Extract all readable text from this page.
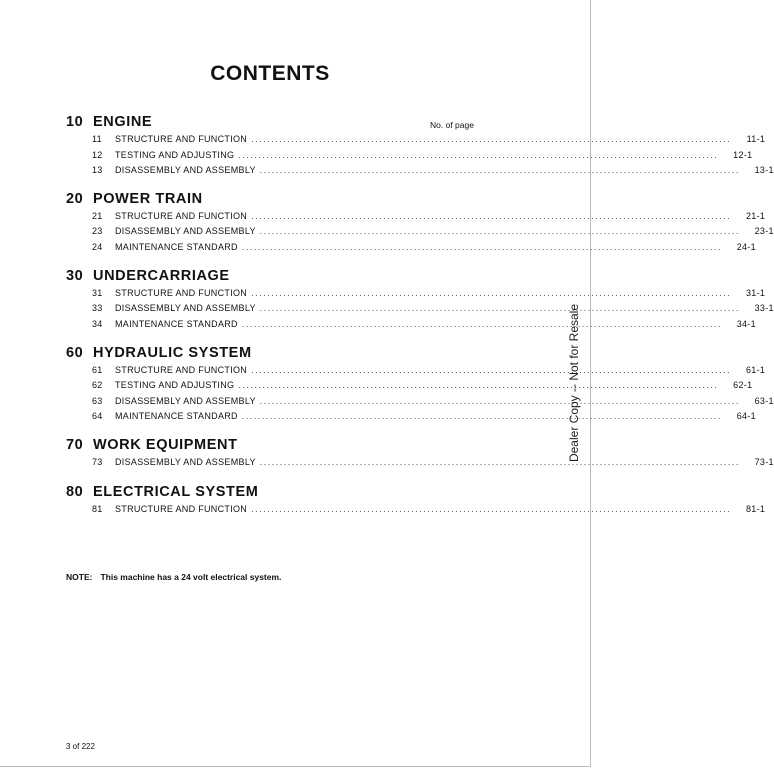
CONTENTS
No. of page
10 ENGINE
11	STRUCTURE AND FUNCTION ........................................................................................................................	11-1
12	TESTING AND ADJUSTING ........................................................................................................................	12-1
13	DISASSEMBLY AND ASSEMBLY ........................................................................................................................	13-1
20 POWER TRAIN
21	STRUCTURE AND FUNCTION ........................................................................................................................	21-1
23	DISASSEMBLY AND ASSEMBLY ........................................................................................................................	23-1
24	MAINTENANCE STANDARD ........................................................................................................................	24-1
30 UNDERCARRIAGE
31	STRUCTURE AND FUNCTION ........................................................................................................................	31-1
33	DISASSEMBLY AND ASSEMBLY ........................................................................................................................	33-1
34	MAINTENANCE STANDARD ........................................................................................................................	34-1
60 HYDRAULIC SYSTEM
61	STRUCTURE AND FUNCTION ........................................................................................................................	61-1
62	TESTING AND ADJUSTING ........................................................................................................................	62-1
63	DISASSEMBLY AND ASSEMBLY ........................................................................................................................	63-1
64	MAINTENANCE STANDARD ........................................................................................................................	64-1
70 WORK EQUIPMENT
73	DISASSEMBLY AND ASSEMBLY ........................................................................................................................	73-1
80 ELECTRICAL SYSTEM
81	STRUCTURE AND FUNCTION ........................................................................................................................	81-1
NOTE: This machine has a 24 volt electrical system.
3 of 222
Dealer Copy -- Not for Resale
